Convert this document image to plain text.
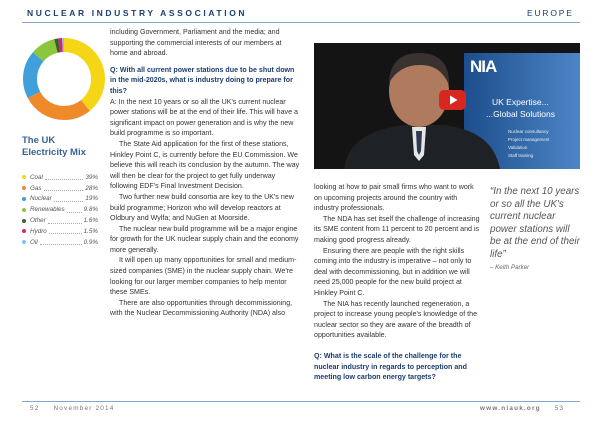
NUCLEAR INDUSTRY ASSOCIATION	EUROPE
The UK
Electricity Mix
Coal	39%
Gas	28%
Nuclear	19%
Renewables	9.8%
Other	1.6%
Hydro	1.5%
Oil	0.9%

including Government, Parliament and the media; and supporting the commercial interests of our members at home and abroad.

Q: With all current power stations due to be shut down in the mid-2020s, what is industry doing to prepare for this?

A: In the next 10 years or so all the UK's current nuclear power stations will be at the end of their life. This will have a significant impact on power generation and is why the new build programme is so important.

The State Aid application for the first of these stations, Hinkley Point C, is currently before the EU Commission. We believe this will reach its conclusion by the autumn. The way will then be clear for the project to get fully underway following EDF's Final Investment Decision.

Two further new build consortia are key to the UK's new build programme; Horizon who will develop reactors at Oldbury and Wylfa; and NuGen at Moorside.

The nuclear new build programme will be a major engine for growth for the UK nuclear supply chain and the economy more generally.

It will open up many opportunities for small and medium-sized companies (SME) in the nuclear supply chain. We're looking for our larger member companies to help mentor these SMEs.

There are also opportunities through decommissioning, with the Nuclear Decommissioning Authority (NDA) also

NIA
UK Expertise...
...Global Solutions
Nuclear consultancy
Project management
Validation
Staff training

looking at how to pair small firms who want to work on upcoming projects around the country with industry professionals.

The NDA has set itself the challenge of increasing its SME content from 11 percent to 20 percent and is making good progress already.

Ensuring there are people with the right skills coming into the industry is imperative – not only to deal with decommissioning, but in addition we will need 25,000 people for the new build project at Hinkley Point C.

The NIA has recently launched regeneration, a project to increase young people's knowledge of the nuclear sector so they are aware of the breadth of opportunities available.

Q: What is the scale of the challenge for the nuclear industry in regards to perception and meeting low carbon energy targets?

“In the next 10 years or so all the UK's current nuclear power stations will be at the end of their life”
– Keith Parker
52 November 2014	www.niauk.org 53
